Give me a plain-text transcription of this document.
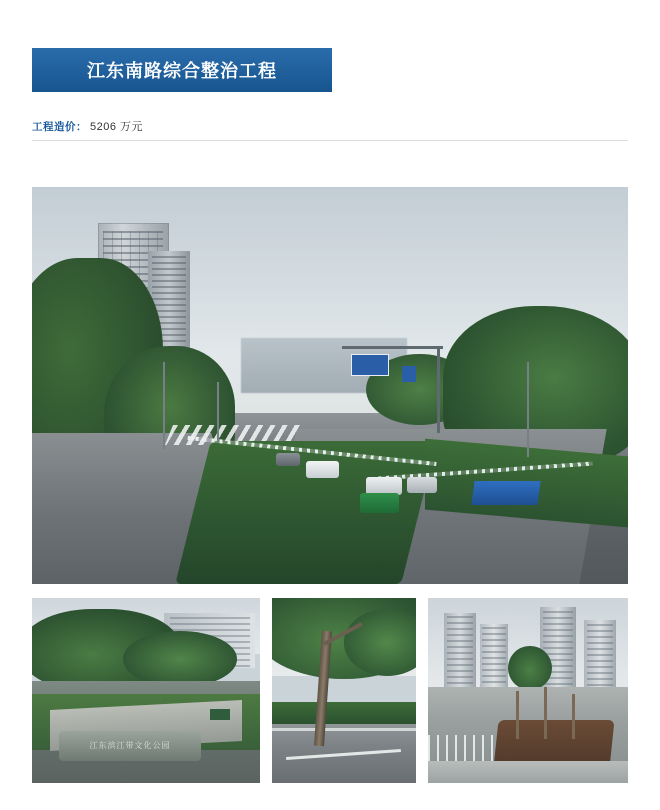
江东南路综合整治工程
工程造价： 5206 万元
江东滨江带文化公园
